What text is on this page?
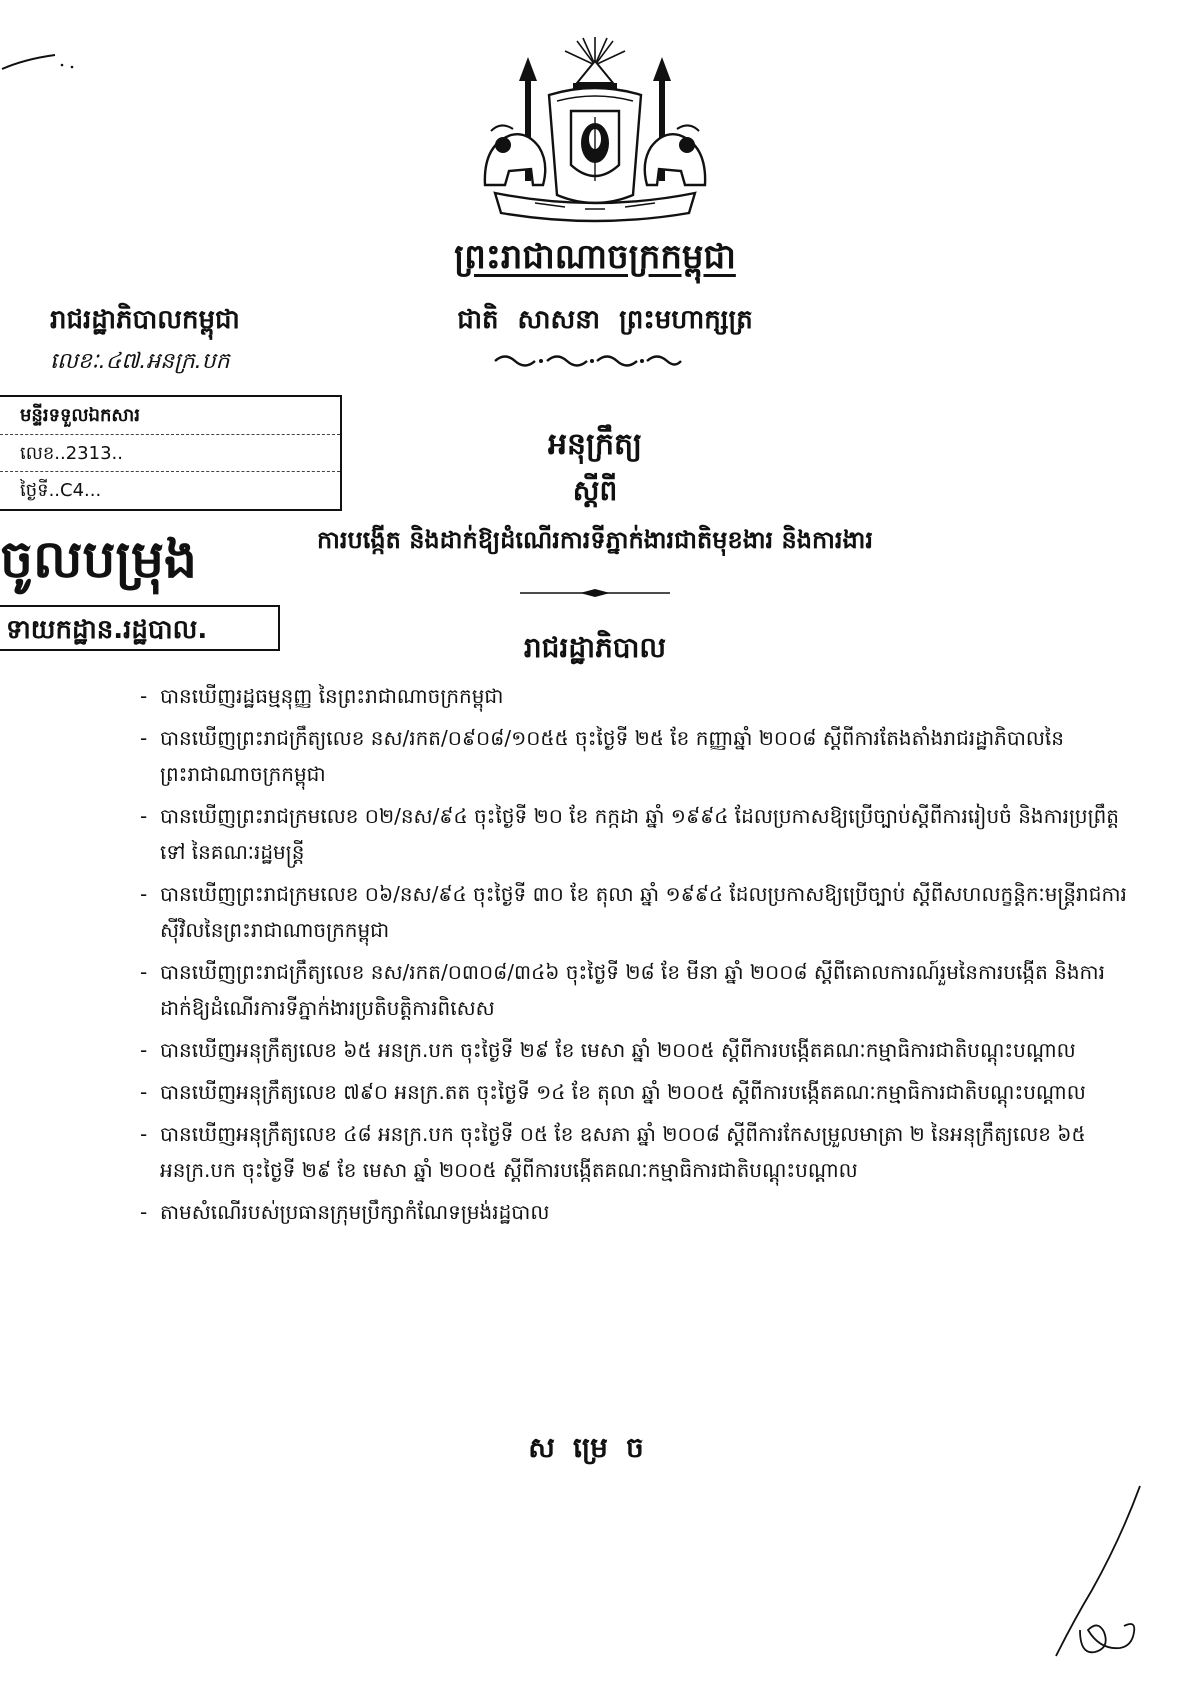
ព្រះរាជាណាចក្រកម្ពុជា
ជាតិ សាសនា ព្រះមហាក្សត្រ
រាជរដ្ឋាភិបាលកម្ពុជា
លេខៈ.៤៧.អនក្រ.បក
អនុក្រឹត្យ
ស្តីពី
ការបង្កើត និងដាក់ឱ្យដំណើរការទីភ្នាក់ងារជាតិមុខងារ និងការងារ
រាជរដ្ឋាភិបាល
- បានឃើញរដ្ឋធម្មនុញ្ញ នៃព្រះរាជាណាចក្រកម្ពុជា
- បានឃើញព្រះរាជក្រឹត្យលេខ នស/រកត/០៩០៨/១០៥៥ ចុះថ្ងៃទី ២៥ ខែ កញ្ញាឆ្នាំ ២០០៨ ស្តីពីការតែងតាំងរាជរដ្ឋាភិបាលនៃព្រះរាជាណាចក្រកម្ពុជា
- បានឃើញព្រះរាជក្រមលេខ ០២/នស/៩៤ ចុះថ្ងៃទី ២០ ខែ កក្កដា ឆ្នាំ ១៩៩៤ ដែលប្រកាសឱ្យប្រើច្បាប់ស្តីពីការរៀបចំ និងការប្រព្រឹត្តទៅ នៃគណៈរដ្ឋមន្ត្រី
- បានឃើញព្រះរាជក្រមលេខ ០៦/នស/៩៤ ចុះថ្ងៃទី ៣០ ខែ តុលា ឆ្នាំ ១៩៩៤ ដែលប្រកាសឱ្យប្រើច្បាប់ ស្តីពីសហលក្ខន្តិកៈមន្ត្រីរាជការស៊ីវិលនៃព្រះរាជាណាចក្រកម្ពុជា
- បានឃើញព្រះរាជក្រឹត្យលេខ នស/រកត/០៣០៨/៣៤៦ ចុះថ្ងៃទី ២៨ ខែ មីនា ឆ្នាំ ២០០៨ ស្តីពីគោលការណ៍រួមនៃការបង្កើត និងការដាក់ឱ្យដំណើរការទីភ្នាក់ងារប្រតិបត្តិការពិសេស
- បានឃើញអនុក្រឹត្យលេខ ៦៥ អនក្រ.បក ចុះថ្ងៃទី ២៩ ខែ មេសា ឆ្នាំ ២០០៥ ស្តីពីការបង្កើតគណៈកម្មាធិការជាតិបណ្តុះបណ្តាល
- បានឃើញអនុក្រឹត្យលេខ ៧៩០ អនក្រ.តត ចុះថ្ងៃទី ១៤ ខែ តុលា ឆ្នាំ ២០០៥ ស្តីពីការបង្កើតគណៈកម្មាធិការជាតិបណ្តុះបណ្តាល
- បានឃើញអនុក្រឹត្យលេខ ៤៨ អនក្រ.បក ចុះថ្ងៃទី ០៥ ខែ ឧសភា ឆ្នាំ ២០០៨ ស្តីពីការកែសម្រួលមាត្រា ២ នៃអនុក្រឹត្យលេខ ៦៥ អនក្រ.បក ចុះថ្ងៃទី ២៩ ខែ មេសា ឆ្នាំ ២០០៥ ស្តីពីការបង្កើតគណៈកម្មាធិការជាតិបណ្តុះបណ្តាល
- តាមសំណើរបស់ប្រធានក្រុមប្រឹក្សាកំណែទម្រង់រដ្ឋបាល
សម្រេច
មន្ទីរទទួលឯកសារ
លេខ..2313..
ថ្ងៃទី..C4...
ចូលបម្រុង
ទាយកដ្ឋាន.រដ្ឋបាល.
